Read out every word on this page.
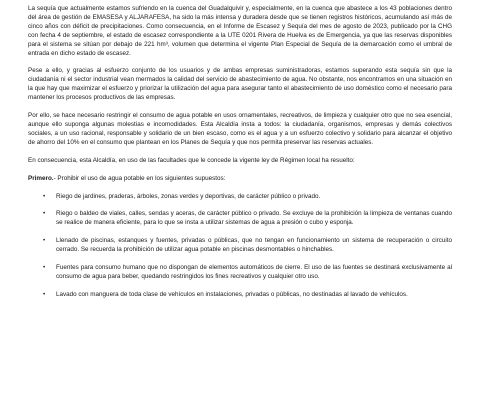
La sequía que actualmente estamos sufriendo en la cuenca del Guadalquivir y, especialmente, en la cuenca que abastece a los 43 poblaciones dentro del área de gestión de EMASESA y ALJARAFESA, ha sido la más intensa y duradera desde que se tienen registros históricos, acumulando así más de cinco años con déficit de precipitaciones. Como consecuencia, en el Informe de Escasez y Sequía del mes de agosto de 2023, publicado por la CHG con fecha 4 de septiembre, el estado de escasez correspondiente a la UTE 0201 Rivera de Huelva es de Emergencia, ya que las reservas disponibles para el sistema se sitúan por debajo de 221 hm³, volumen que determina el vigente Plan Especial de Sequía de la demarcación como el umbral de entrada en dicho estado de escasez.

Pese a ello, y gracias al esfuerzo conjunto de los usuarios y de ambas empresas suministradoras, estamos superando esta sequía sin que la ciudadanía ni el sector industrial vean mermados la calidad del servicio de abastecimiento de agua. No obstante, nos encontramos en una situación en la que hay que maximizar el esfuerzo y priorizar la utilización del agua para asegurar tanto el abastecimiento de uso doméstico como el necesario para mantener los procesos productivos de las empresas.

Por ello, se hace necesario restringir el consumo de agua potable en usos ornamentales, recreativos, de limpieza y cualquier otro que no sea esencial, aunque ello suponga algunas molestias e incomodidades. Esta Alcaldía insta a todos: la ciudadanía, organismos, empresas y demás colectivos sociales, a un uso racional, responsable y solidario de un bien escaso, como es el agua y a un esfuerzo colectivo y solidario para alcanzar el objetivo de ahorro del 10% en el consumo que plantean en los Planes de Sequía y que nos permita preservar las reservas actuales.

En consecuencia, esta Alcaldía, en uso de las facultades que le concede la vigente ley de Régimen local ha resuelto:

Primero.- Prohibir el uso de agua potable en los siguientes supuestos:

• Riego de jardines, praderas, árboles, zonas verdes y deportivas, de carácter público o privado.

• Riego o baldeo de viales, calles, sendas y aceras, de carácter público o privado. Se excluye de la prohibición la limpieza de ventanas cuando se realice de manera eficiente, para lo que se insta a utilizar sistemas de agua a presión o cubo y esponja.

• Llenado de piscinas, estanques y fuentes, privadas o públicas, que no tengan en funcionamiento un sistema de recuperación o circuito cerrado. Se recuerda la prohibición de utilizar agua potable en piscinas desmontables o hinchables.

• Fuentes para consumo humano que no dispongan de elementos automáticos de cierre. El uso de las fuentes se destinará exclusivamente al consumo de agua para beber, quedando restringidos los fines recreativos y cualquier otro uso.

• Lavado con manguera de toda clase de vehículos en instalaciones, privadas o públicas, no destinadas al lavado de vehículos.
